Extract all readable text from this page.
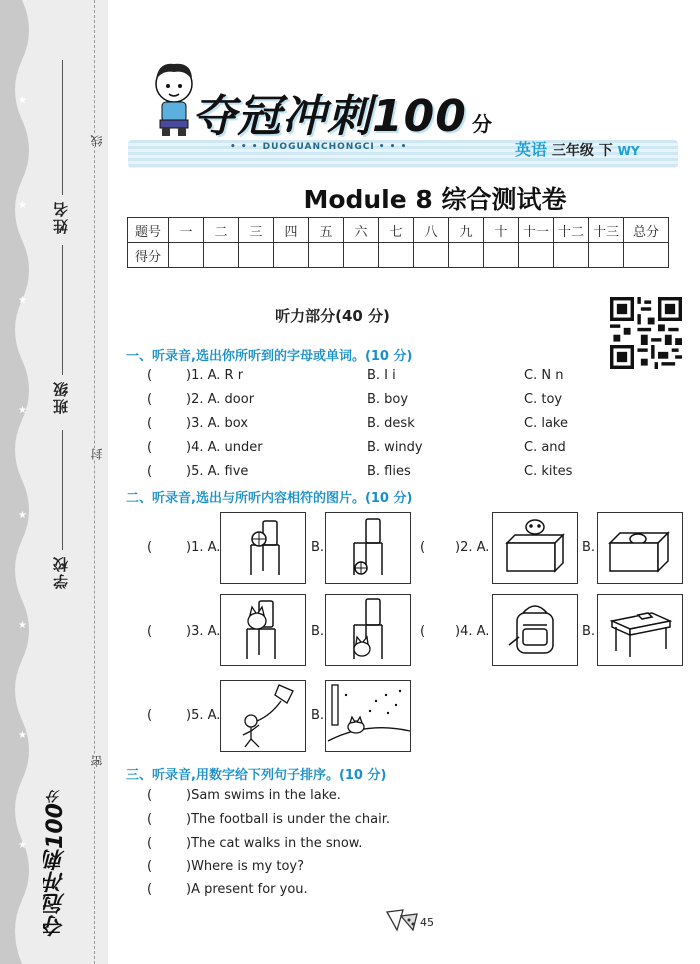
★
★
★
★
★
★
★
★
姓名
班级
学校
线
封
密
夺冠冲刺100分
夺冠冲刺100 分
• • • DUOGUANCHONGCI • • •	英语 三年级 下 WY
Module 8 综合测试卷
题号	一	二	三	四	五	六	七	八	九	十	十一	十二	十三	总分
得分														
听力部分(40 分)
一、听录音,选出你所听到的字母或单词。(10 分)
(	)1. A. R r	B. I i	C. N n
(	)2. A. door	B. boy	C. toy
(	)3. A. box	B. desk	C. lake
(	)4. A. under	B. windy	C. and
(	)5. A. five	B. flies	C. kites
二、听录音,选出与所听内容相符的图片。(10 分)
(	)1. A.	B.	( )2. A.	B.
(	)3. A.	B.	( )4. A.	B.
(	)5. A.	B.
三、听录音,用数字给下列句子排序。(10 分)
(	)Sam swims in the lake.
(	)The football is under the chair.
(	)The cat walks in the snow.
(	)Where is my toy?
(	)A present for you.
45
